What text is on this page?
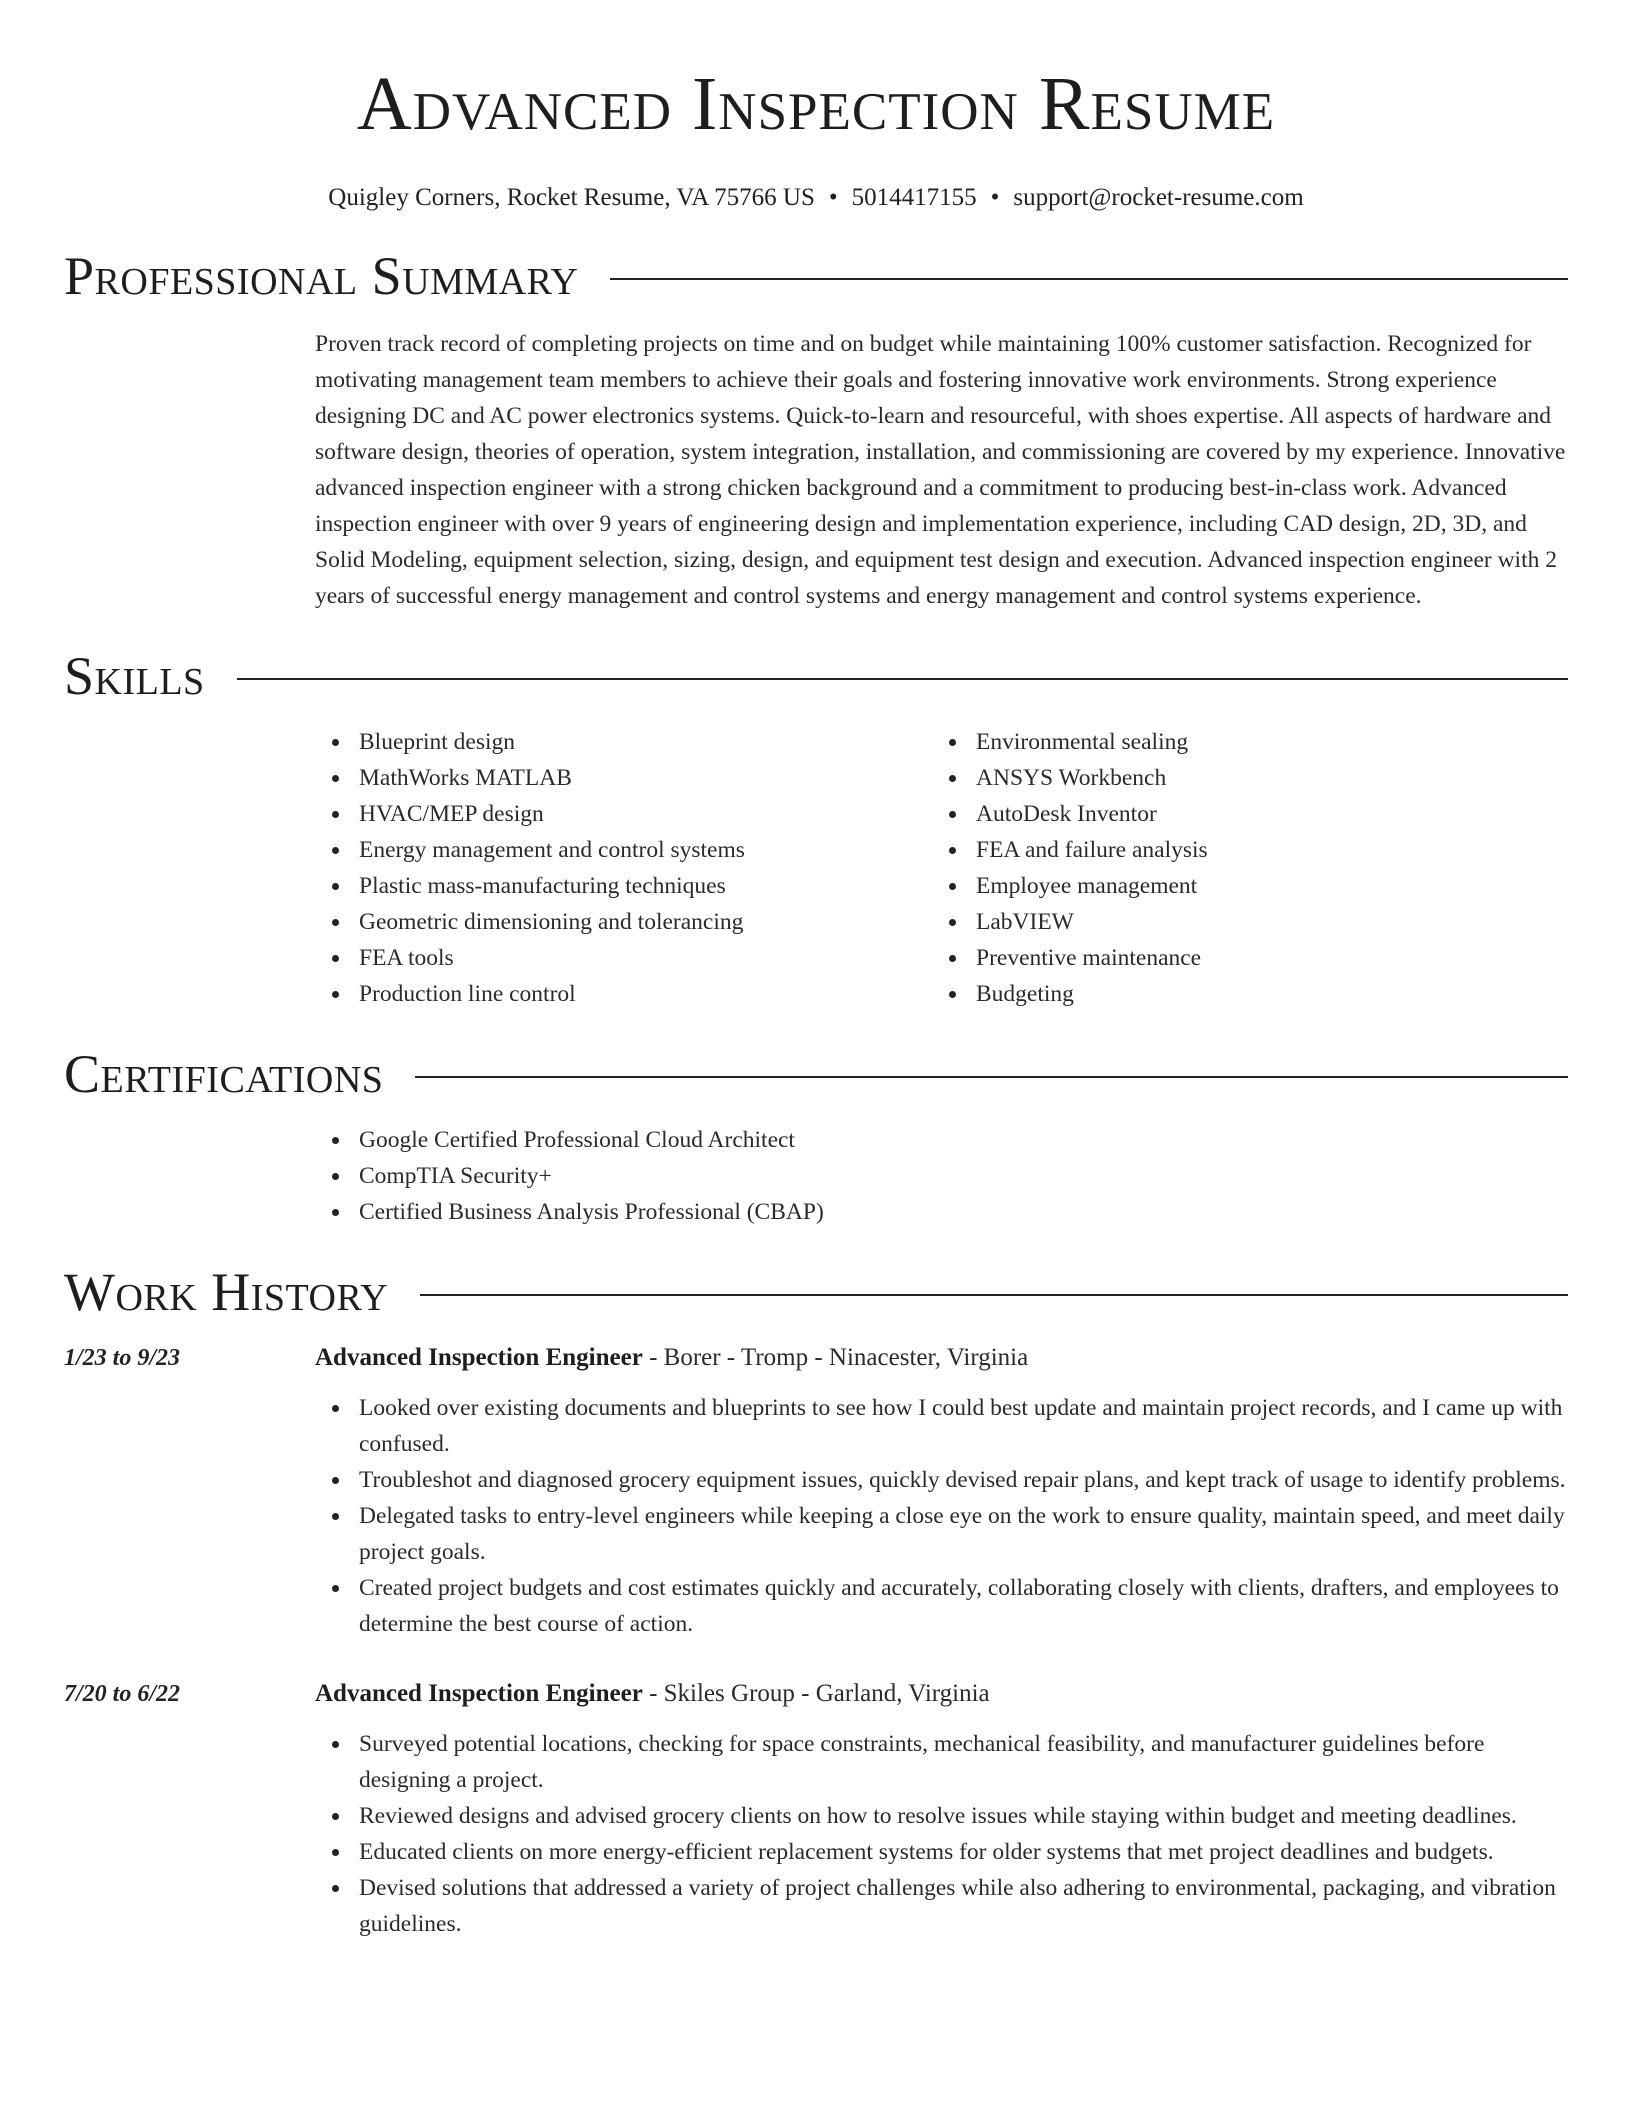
Advanced Inspection Resume
Quigley Corners, Rocket Resume, VA 75766 US • 5014417155 • support@rocket-resume.com
Professional Summary
Proven track record of completing projects on time and on budget while maintaining 100% customer satisfaction. Recognized for motivating management team members to achieve their goals and fostering innovative work environments. Strong experience designing DC and AC power electronics systems. Quick-to-learn and resourceful, with shoes expertise. All aspects of hardware and software design, theories of operation, system integration, installation, and commissioning are covered by my experience. Innovative advanced inspection engineer with a strong chicken background and a commitment to producing best-in-class work. Advanced inspection engineer with over 9 years of engineering design and implementation experience, including CAD design, 2D, 3D, and Solid Modeling, equipment selection, sizing, design, and equipment test design and execution. Advanced inspection engineer with 2 years of successful energy management and control systems and energy management and control systems experience.
Skills
Blueprint design
MathWorks MATLAB
HVAC/MEP design
Energy management and control systems
Plastic mass-manufacturing techniques
Geometric dimensioning and tolerancing
FEA tools
Production line control
Environmental sealing
ANSYS Workbench
AutoDesk Inventor
FEA and failure analysis
Employee management
LabVIEW
Preventive maintenance
Budgeting
Certifications
Google Certified Professional Cloud Architect
CompTIA Security+
Certified Business Analysis Professional (CBAP)
Work History
1/23 to 9/23	Advanced Inspection Engineer - Borer - Tromp - Ninacester, Virginia
Looked over existing documents and blueprints to see how I could best update and maintain project records, and I came up with confused.
Troubleshot and diagnosed grocery equipment issues, quickly devised repair plans, and kept track of usage to identify problems.
Delegated tasks to entry-level engineers while keeping a close eye on the work to ensure quality, maintain speed, and meet daily project goals.
Created project budgets and cost estimates quickly and accurately, collaborating closely with clients, drafters, and employees to determine the best course of action.
7/20 to 6/22	Advanced Inspection Engineer - Skiles Group - Garland, Virginia
Surveyed potential locations, checking for space constraints, mechanical feasibility, and manufacturer guidelines before designing a project.
Reviewed designs and advised grocery clients on how to resolve issues while staying within budget and meeting deadlines.
Educated clients on more energy-efficient replacement systems for older systems that met project deadlines and budgets.
Devised solutions that addressed a variety of project challenges while also adhering to environmental, packaging, and vibration guidelines.
